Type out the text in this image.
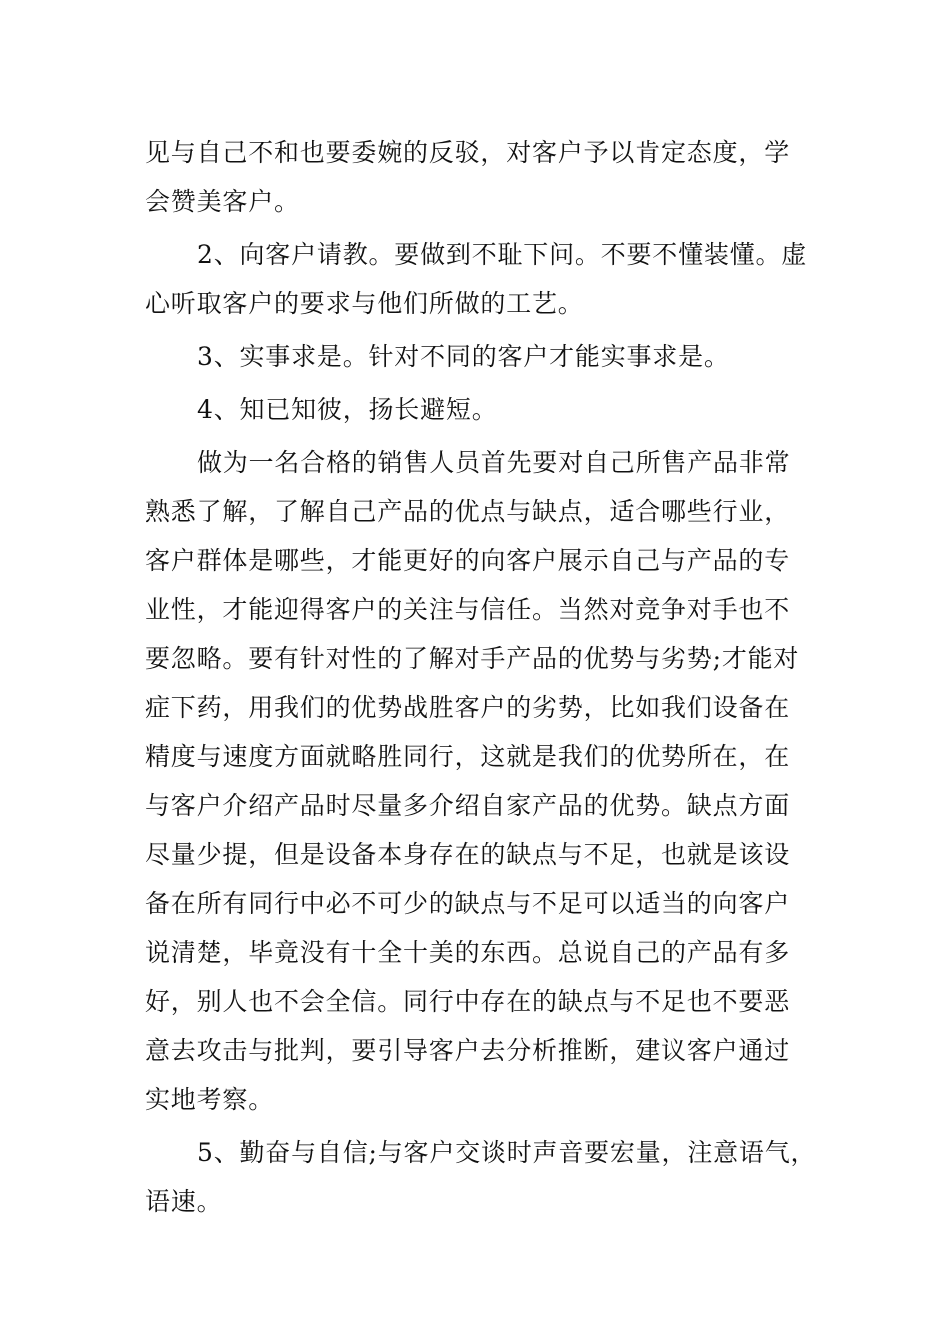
见与自己不和也要委婉的反驳，对客户予以肯定态度，学
会赞美客户。

2、向客户请教。要做到不耻下问。不要不懂装懂。虚
心听取客户的要求与他们所做的工艺。

3、实事求是。针对不同的客户才能实事求是。

4、知已知彼，扬长避短。

做为一名合格的销售人员首先要对自己所售产品非常
熟悉了解，了解自己产品的优点与缺点，适合哪些行业，
客户群体是哪些，才能更好的向客户展示自己与产品的专
业性，才能迎得客户的关注与信任。当然对竞争对手也不
要忽略。要有针对性的了解对手产品的优势与劣势;才能对
症下药，用我们的优势战胜客户的劣势，比如我们设备在
精度与速度方面就略胜同行，这就是我们的优势所在，在
与客户介绍产品时尽量多介绍自家产品的优势。缺点方面
尽量少提，但是设备本身存在的缺点与不足，也就是该设
备在所有同行中必不可少的缺点与不足可以适当的向客户
说清楚，毕竟没有十全十美的东西。总说自己的产品有多
好，别人也不会全信。同行中存在的缺点与不足也不要恶
意去攻击与批判，要引导客户去分析推断，建议客户通过
实地考察。

5、勤奋与自信;与客户交谈时声音要宏量，注意语气，
语速。
